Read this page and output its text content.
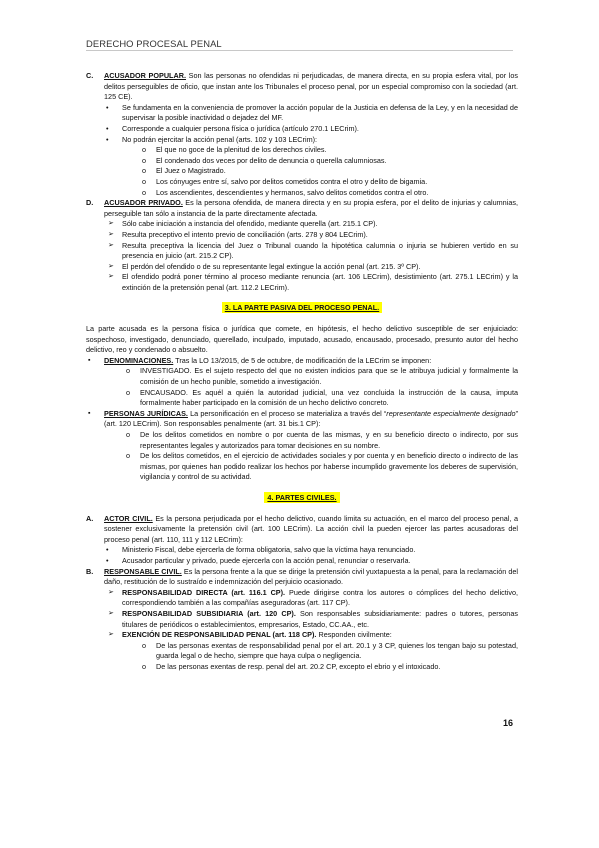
DERECHO PROCESAL PENAL
C. ACUSADOR POPULAR. Son las personas no ofendidas ni perjudicadas, de manera directa, en su propia esfera vital, por los delitos perseguibles de oficio, que instan ante los Tribunales el proceso penal, por un especial compromiso con la sociedad (art. 125 CE).
• Se fundamenta en la conveniencia de promover la acción popular de la Justicia en defensa de la Ley, y en la necesidad de supervisar la posible inactividad o dejadez del MF.
• Corresponde a cualquier persona física o jurídica (artículo 270.1 LECrim).
• No podrán ejercitar la acción penal (arts. 102 y 103 LECrim):
o El que no goce de la plenitud de los derechos civiles.
o El condenado dos veces por delito de denuncia o querella calumniosas.
o El Juez o Magistrado.
o Los cónyuges entre sí, salvo por delitos cometidos contra el otro y delito de bigamia.
o Los ascendientes, descendientes y hermanos, salvo delitos cometidos contra el otro.
D. ACUSADOR PRIVADO. Es la persona ofendida, de manera directa y en su propia esfera, por el delito de injurias y calumnias, perseguible tan sólo a instancia de la parte directamente afectada.
➢ Sólo cabe iniciación a instancia del ofendido, mediante querella (art. 215.1 CP).
➢ Resulta preceptivo el intento previo de conciliación (arts. 278 y 804 LECrim).
➢ Resulta preceptiva la licencia del Juez o Tribunal cuando la hipotética calumnia o injuria se hubieren vertido en su presencia en juicio (art. 215.2 CP).
➢ El perdón del ofendido o de su representante legal extingue la acción penal (art. 215. 3º CP).
➢ El ofendido podrá poner término al proceso mediante renuncia (art. 106 LECrim), desistimiento (art. 275.1 LECrim) y la extinción de la pretensión penal (art. 112.2 LECrim).
3. LA PARTE PASIVA DEL PROCESO PENAL.
La parte acusada es la persona física o jurídica que comete, en hipótesis, el hecho delictivo susceptible de ser enjuiciado: sospechoso, investigado, denunciado, querellado, inculpado, imputado, acusado, encausado, procesado, presunto autor del hecho delictivo, reo y condenado o absuelto.
▪ DENOMINACIONES. Tras la LO 13/2015, de 5 de octubre, de modificación de la LECrim se imponen:
o INVESTIGADO. Es el sujeto respecto del que no existen indicios para que se le atribuya judicial y formalmente la comisión de un hecho punible, sometido a investigación.
o ENCAUSADO. Es aquél a quién la autoridad judicial, una vez concluida la instrucción de la causa, imputa formalmente haber participado en la comisión de un hecho delictivo concreto.
▪ PERSONAS JURÍDICAS. La personificación en el proceso se materializa a través del “representante especialmente designado” (art. 120 LECrim). Son responsables penalmente (art. 31 bis.1 CP):
o De los delitos cometidos en nombre o por cuenta de las mismas, y en su beneficio directo o indirecto, por sus representantes legales y autorizados para tomar decisiones en su nombre.
o De los delitos cometidos, en el ejercicio de actividades sociales y por cuenta y en beneficio directo o indirecto de las mismas, por quienes han podido realizar los hechos por haberse incumplido gravemente los deberes de supervisión, vigilancia y control de su actividad.
4. PARTES CIVILES.
A. ACTOR CIVIL. Es la persona perjudicada por el hecho delictivo, cuando limita su actuación, en el marco del proceso penal, a sostener exclusivamente la pretensión civil (art. 100 LECrim). La acción civil la pueden ejercer las partes acusadoras del proceso penal (art. 110, 111 y 112 LECrim):
• Ministerio Fiscal, debe ejercerla de forma obligatoria, salvo que la víctima haya renunciado.
• Acusador particular y privado, puede ejercerla con la acción penal, renunciar o reservarla.
B. RESPONSABLE CIVIL. Es la persona frente a la que se dirige la pretensión civil yuxtapuesta a la penal, para la reclamación del daño, restitución de lo sustraído e indemnización del perjuicio ocasionado.
➢ RESPONSABILIDAD DIRECTA (art. 116.1 CP). Puede dirigirse contra los autores o cómplices del hecho delictivo, correspondiendo también a las compañías aseguradoras (art. 117 CP).
➢ RESPONSABILIDAD SUBSIDIARIA (art. 120 CP). Son responsables subsidiariamente: padres o tutores, personas titulares de periódicos o establecimientos, empresarios, Estado, CC.AA., etc.
➢ EXENCIÓN DE RESPONSABILIDAD PENAL (art. 118 CP). Responden civilmente:
o De las personas exentas de responsabilidad penal por el art. 20.1 y 3 CP, quienes los tengan bajo su potestad, guarda legal o de hecho, siempre que haya culpa o negligencia.
o De las personas exentas de resp. penal del art. 20.2 CP, excepto el ebrio y el intoxicado.
16
